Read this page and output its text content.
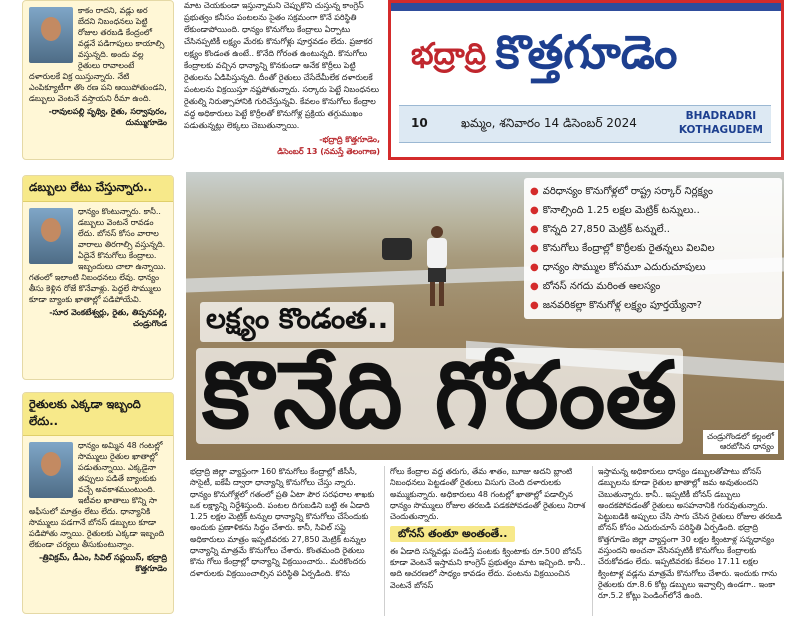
కాకం రాదని, వడ్లు అర బేదని నిబంధనలు పెట్టి రోజుల తరబడి కేంద్రంలో వడ్లనే పడిగాపులు కాయాల్సి వస్తున్నది. అందు వల్ల రైతులు రావాలంటే దళారులకే విక్ర యిస్తున్నారు. నేటి ఎంపిక్యూటీగా తొం రణ పని ఆయిపోతుండని, డబ్బులు వెంటనే వస్తాయని రీమా ఉంది.
-రావులపల్లి పృథ్వి, రైతు, సర్వాపురం, దుమ్ముగూడెం
డబ్బులు లేటు చేస్తున్నారు..
ధాన్యం కొంటున్నారు. కానీ.. డబ్బులు వెంటనే రావడం లేదు. బోనస్ కోసం వారాల వారాలు తిరగాల్సి వస్తున్నది. ఏదైనే కొనుగోలు కేంద్రాలు. ఇబ్బందులు చాలా ఉన్నాయి. గతంలో ఇలాంటి నిబంధనలు లేవు. ధాన్యం తీసు కెళ్లిన రోజే కొనేవాళ్లు. పెద్దలే సొమ్ములు కూడా బ్యాంకు ఖాతాల్లో పడిపోయేవి.
-సూర వెంకటేశ్వర్లు, రైతు, తిప్పనపల్లి, చండ్రుగొండ
రైతులకు ఎక్కడా ఇబ్బంది లేదు..
ధాన్యం అమ్మిన 48 గంటల్లో సొమ్ములు రైతుల ఖాతాల్లో పడుతున్నాయి. ఎక్కడైనా తప్పులు పడితే బ్యాంకుకు వచ్చే అవకాశముంటుంది. ఇటీవల ఖాతాలు కొన్ని సా అఫీసులో మాత్రం లేటు లేదు. ధాన్యానికి సొమ్ములు పడగానే బోనస్ డబ్బులు కూడా పడిపోతు న్నాయి. రైతులకు ఎక్కడా ఇబ్బంది లేకుండా చర్యలు తీసుకుంటున్నాం.
-త్రివిక్రమ్, డీఎం, సివిల్ సప్లయిస్, భద్రాద్రి కొత్తగూడెం

మాట చెయకుండా ఇస్తున్నామని చెప్పుకొని చుస్తున్న కాంగ్రెస్ ప్రభుత్వం కనీసం పంటలను సైతం సక్రమంగా కొనే పరిస్థితి లేకుండాపోయింది. ధాన్యం కొనుగోలు కేంద్రాలు ఏర్పాటు చేసినప్పటికీ లక్ష్యం మేరకు కొనుగోళ్లు పూర్తవడం లేదు. ప్రజాకర లక్ష్యం కొండంత ఉంటే.. కొనేది గోరంత ఉంటున్నది. కొనుగోలు కేంద్రాలకు వచ్చిన ధాన్యాన్ని కొనకుండా అనేక కొర్రీలు పెట్టి రైతులను ఏడిపిస్తున్నది. దీంతో రైతులు చేసేదేమీలేక దళారులకే పంటలను విక్రయిస్తూ నష్టపోతున్నారు. సర్కారు పెట్టే నిబంధనలు రైతుల్ని నిరుత్సాహానికి గురిచేస్తున్నవి. కేవలం కొనుగోలు కేంద్రాల వద్ద అధికారులు పెట్టే కొర్రీలతో కొనుగోళ్ల ప్రక్రియ తగ్గుముఖం పడుతున్నట్లు లెక్కలు చెబుతున్నాయి.

-భద్రాద్రి కొత్తగూడెం,
డిసెంబర్ 13 (నమస్తే తెలంగాణ)
భద్రాద్రి కొత్తగూడెం
10	ఖమ్మం, శనివారం 14 డిసెంబర్ 2024	BHADRADRI
KOTHAGUDEM
లక్ష్యం కొండంత..
కొనేది గోరంత	చండ్రుగొండలో కల్లంలో
ఆరబోసిన ధాన్యం
● వరిధాన్యం కొనుగోళ్లలో రాష్ట్ర సర్కార్ నిర్లక్ష్యం
● కొనాల్సింది 1.25 లక్షల మెట్రిక్ టన్నులు..
● కొన్నది 27,850 మెట్రిక్ టన్నులే..
● కొనుగోలు కేంద్రాల్లో కొర్రీలకు రైతన్నలు విలవిల
● ధాన్యం సొమ్ముల కోసమూ ఎదురుచూపులు
● బోనస్ నగదు మరింత ఆలస్యం
● జనవరికల్లా కొనుగోళ్ల లక్ష్యం పూర్తయ్యేనా?

భద్రాద్రి జిల్లా వ్యాప్తంగా 160 కొనుగోలు కేంద్రాల్లో జీసీసీ, సొసైటీ, ఐకేపీ ద్వారా ధాన్యాన్ని కొనుగోలు చేస్తు న్నారు. ధాన్యం కొనుగోళ్లలో గతంలో ప్రతి ఏటా పౌర సరఫరాల శాఖకు ఒక లక్ష్యాన్ని నిర్దేశిస్తుంది. పంటల దిగుబడిని బట్టి ఈ ఏడాది 1.25 లక్షల మెట్రిక్ టన్నుల ధాన్యాన్ని కొనుగోలు చేసేందుకు అందుకు ప్రణాళికను సిద్ధం చేశారు. కానీ, సివిల్ సప్లై అధికారులు మాత్రం ఇప్పటివరకు 27,850 మెట్రిక్ టన్నుల ధాన్యాన్ని మాత్రమే కొనుగోలు చేశారు. కొంతమంది రైతులు కొను గోలు కేంద్రాల్లో ధాన్యాన్ని విక్రయించారు.. మరికొందరు దళారులకు విక్రయించాల్సిన పరిస్థితి ఏర్పడింది. కొను

గోలు కేంద్రాల వద్ద తరుగు, తేమ శాతం, బూజు అదని బ్లాంటి నిబంధనలు పెట్టడంతో రైతులు విసుగు చెంది దళారులకు అమ్ముకున్నారు. అధికారులు 48 గంటల్లో ఖాతాల్లో పడాల్సిన ధాన్యం సొమ్ములు రోజుల తరబడి పడకపోవడంతో రైతులు నిరాశ చెందుతున్నారు.

బోనస్ తంతూ అంతంతే..

ఈ ఏడాది సన్నవడ్లు పండిస్తే పంటకు క్వింటాకు రూ.500 బోనస్ కూడా వెంటనే ఇస్తామని కాంగ్రెస్ ప్రభుత్వం మాట ఇచ్చింది. కానీ.. అది ఆచరణలో సాధ్యం కావడం లేదు. పంటను విక్రయించిన వెంటనే బోనస్

ఇస్తామన్న అధికారులు ధాన్యం డబ్బులతోపాటు బోనస్ డబ్బులను కూడా రైతుల ఖాతాల్లో జమ అవుతుందని చెబుతున్నారు. కానీ.. ఇప్పటికీ బోనస్ డబ్బులు అందకపోవడంతో రైతులు అసహనానికి గురవుతున్నారు. పెట్టుబడికి అప్పులు చేసి సాగు చేసిన రైతులు రోజుల తరబడి బోనస్ కోసం ఎదురుచూసే పరిస్థితి ఏర్పడింది. భద్రాద్రి కొత్తగూడెం జిల్లా వ్యాప్తంగా 30 లక్షల క్వింటాళ్ల సన్నధాన్యం వస్తుందని అంచనా వేసినప్పటికీ కొనుగోలు కేంద్రాలకు చేరుకోవడం లేదు. ఇప్పటివరకు కేవలం 17.11 లక్షల క్వింటాళ్ల వడ్లను మాత్రమే కొనుగోలు చేశారు. ఇందుకు గాను రైతులకు రూ.8.6 కోట్ల డబ్బులు ఇవ్వాల్సి ఉండగా.. ఇంకా రూ.5.2 కోట్లు పెండింగ్‌లోనే ఉంది.
